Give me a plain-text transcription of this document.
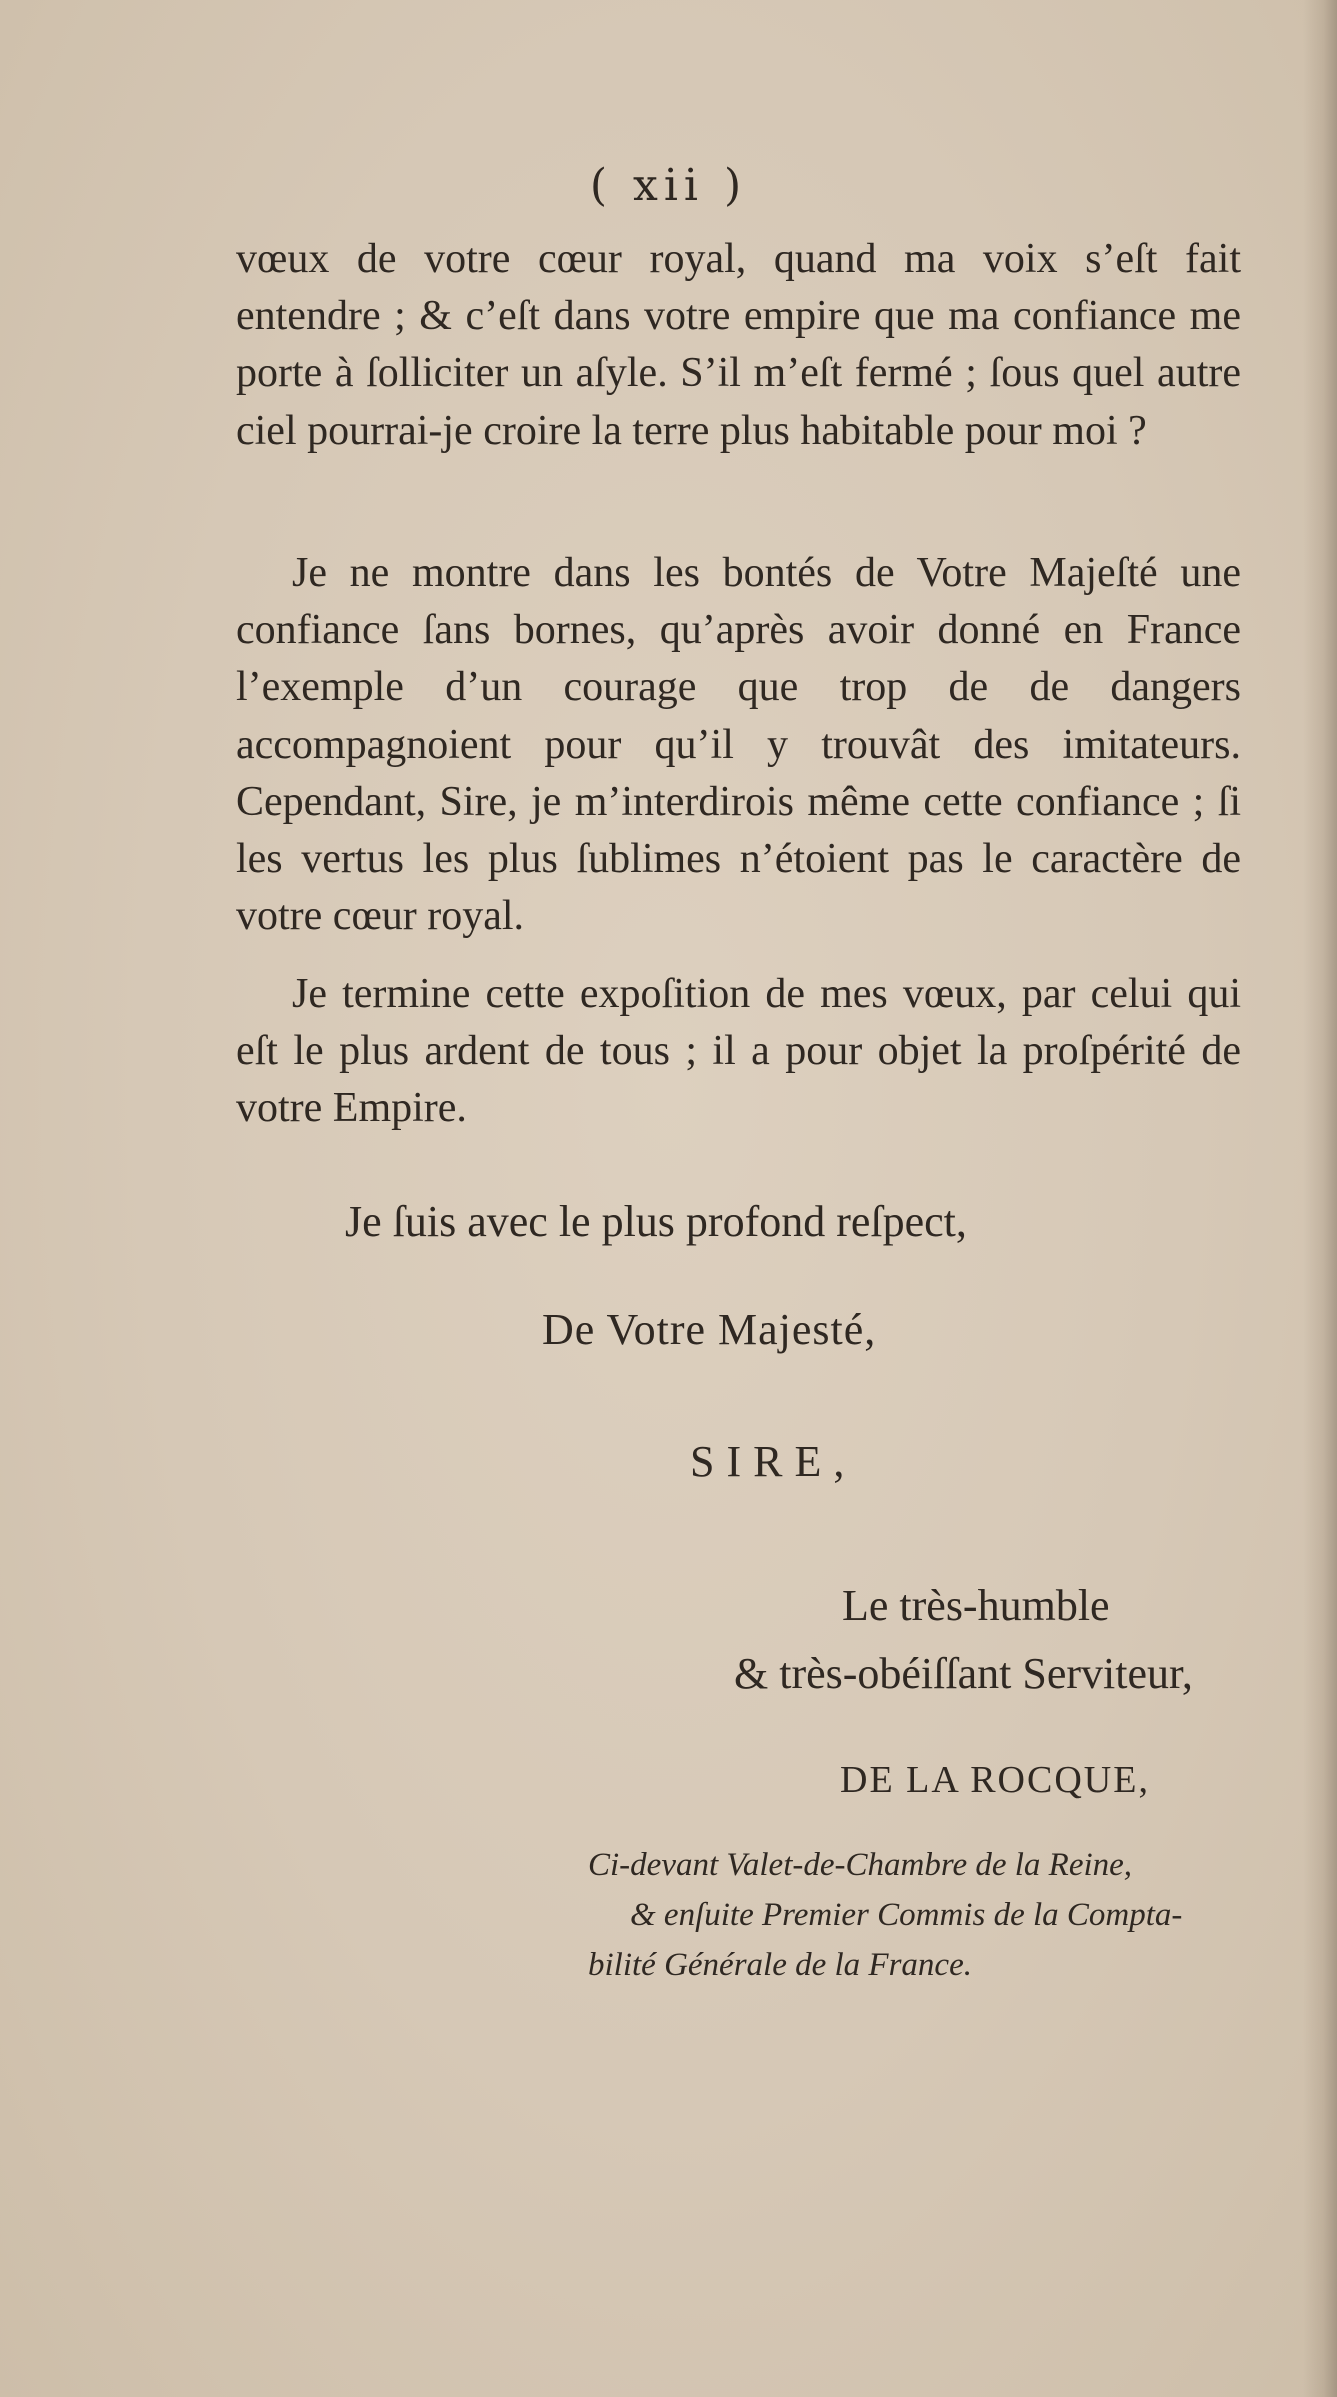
( xii )

vœux de votre cœur royal, quand ma voix s’eſt fait entendre ; & c’eſt dans votre empire que ma confiance me porte à ſolliciter un aſyle. S’il m’eſt fermé ; ſous quel autre ciel pourrai-je croire la terre plus habitable pour moi ?

Je ne montre dans les bontés de Votre Majeſté une confiance ſans bornes, qu’après avoir donné en France l’exemple d’un courage que trop de de dangers accompagnoient pour qu’il y trouvât des imitateurs. Cependant, Sire, je m’interdirois même cette confiance ; ſi les vertus les plus ſublimes n’étoient pas le caractère de votre cœur royal.

Je termine cette expoſition de mes vœux, par celui qui eſt le plus ardent de tous ; il a pour objet la proſpérité de votre Empire.

Je ſuis avec le plus profond reſpect,
De Votre Majesté,
SIRE,
Le très-humble
& très-obéiſſant Serviteur,
DE LA ROCQUE,
Ci-devant Valet-de-Chambre de la Reine,
& enſuite Premier Commis de la Compta-
bilité Générale de la France.
